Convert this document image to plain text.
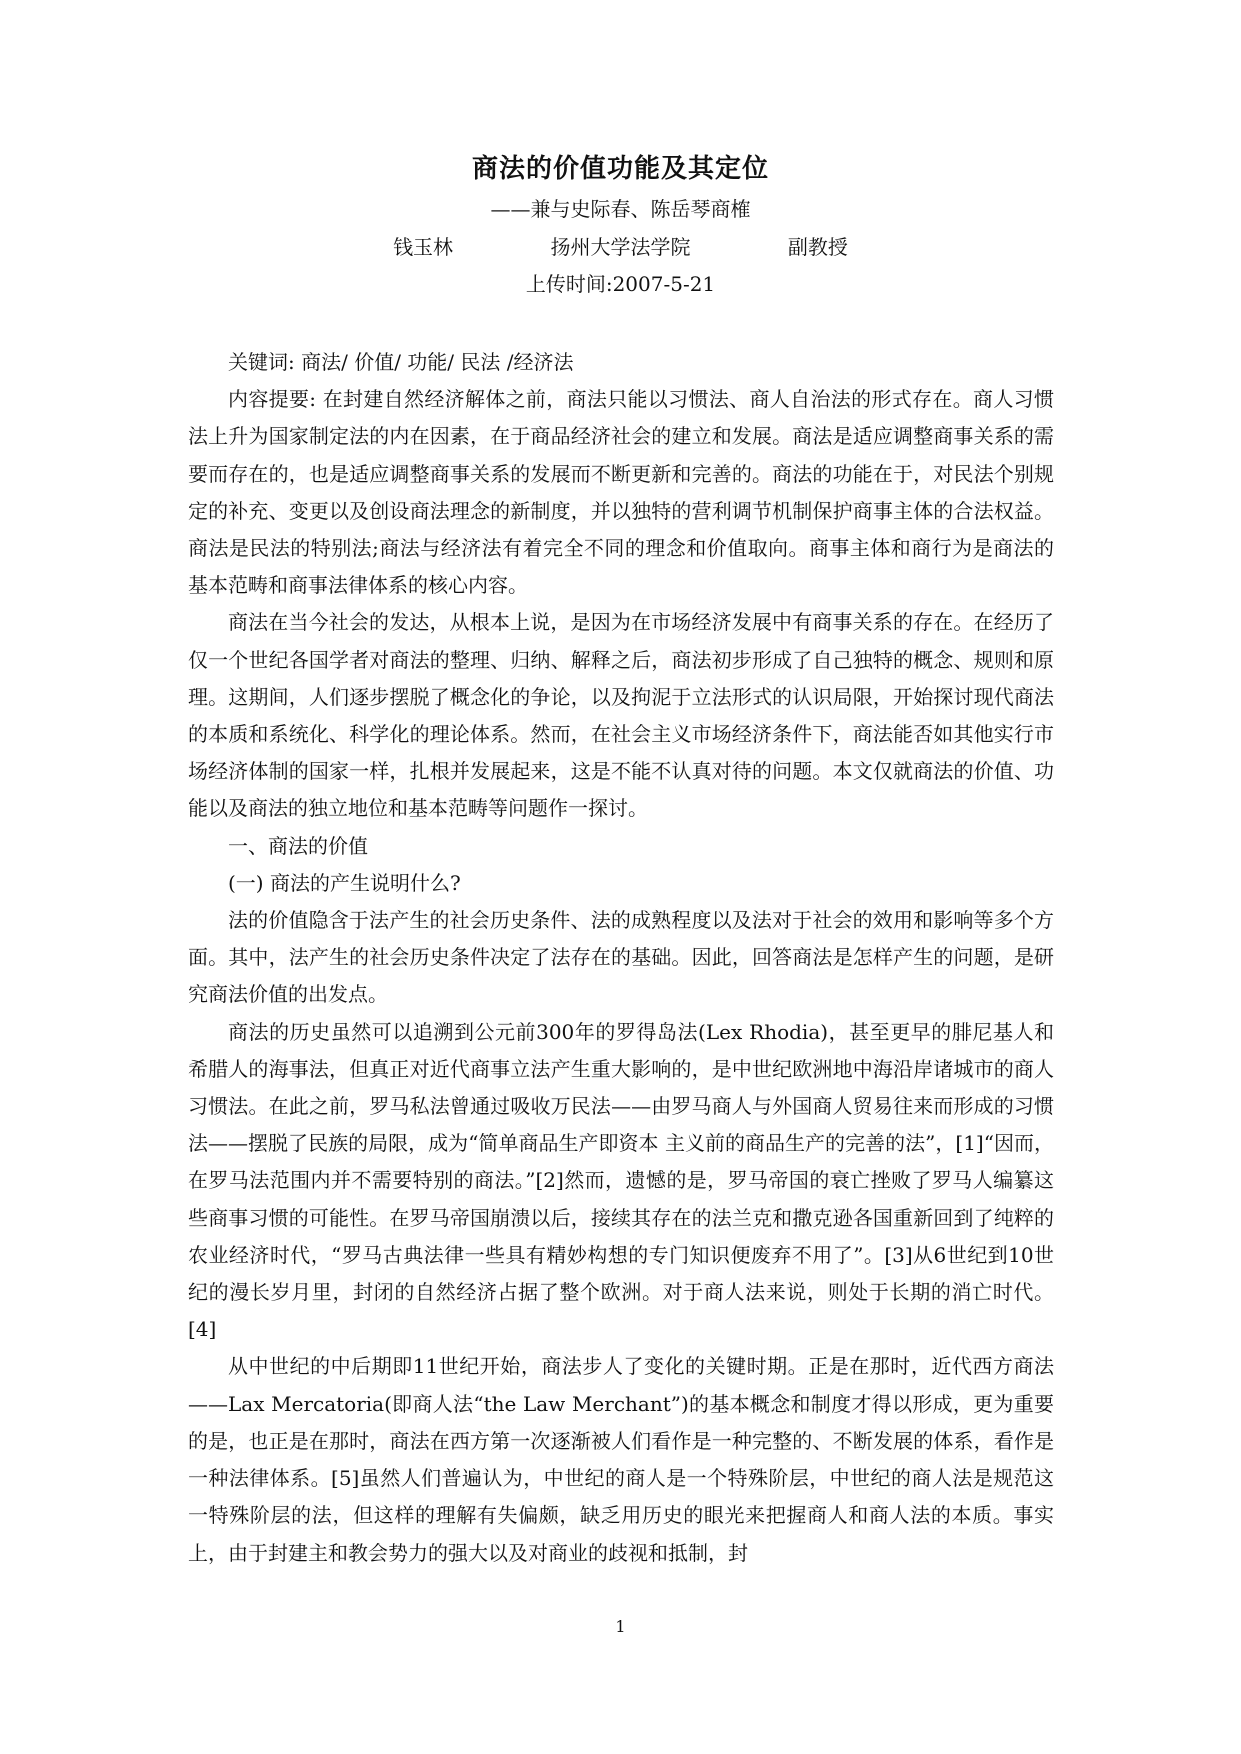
商法的价值功能及其定位
——兼与史际春、陈岳琴商榷
钱玉林    扬州大学法学院    副教授
上传时间:2007-5-21

关键词: 商法/ 价值/ 功能/ 民法 /经济法

内容提要: 在封建自然经济解体之前，商法只能以习惯法、商人自治法的形式存在。商人习惯法上升为国家制定法的内在因素，在于商品经济社会的建立和发展。商法是适应调整商事关系的需要而存在的，也是适应调整商事关系的发展而不断更新和完善的。商法的功能在于，对民法个别规定的补充、变更以及创设商法理念的新制度，并以独特的营利调节机制保护商事主体的合法权益。商法是民法的特别法;商法与经济法有着完全不同的理念和价值取向。商事主体和商行为是商法的基本范畴和商事法律体系的核心内容。

商法在当今社会的发达，从根本上说，是因为在市场经济发展中有商事关系的存在。在经历了仅一个世纪各国学者对商法的整理、归纳、解释之后，商法初步形成了自己独特的概念、规则和原理。这期间，人们逐步摆脱了概念化的争论，以及拘泥于立法形式的认识局限，开始探讨现代商法的本质和系统化、科学化的理论体系。然而，在社会主义市场经济条件下，商法能否如其他实行市场经济体制的国家一样，扎根并发展起来，这是不能不认真对待的问题。本文仅就商法的价值、功能以及商法的独立地位和基本范畴等问题作一探讨。

一、商法的价值

(一) 商法的产生说明什么?

法的价值隐含于法产生的社会历史条件、法的成熟程度以及法对于社会的效用和影响等多个方面。其中，法产生的社会历史条件决定了法存在的基础。因此，回答商法是怎样产生的问题，是研究商法价值的出发点。

商法的历史虽然可以追溯到公元前300年的罗得岛法(Lex Rhodia)，甚至更早的腓尼基人和希腊人的海事法，但真正对近代商事立法产生重大影响的，是中世纪欧洲地中海沿岸诸城市的商人习惯法。在此之前，罗马私法曾通过吸收万民法——由罗马商人与外国商人贸易往来而形成的习惯法——摆脱了民族的局限，成为“简单商品生产即资本 主义前的商品生产的完善的法”，[1]“因而，在罗马法范围内并不需要特别的商法。”[2]然而，遗憾的是，罗马帝国的衰亡挫败了罗马人编纂这些商事习惯的可能性。在罗马帝国崩溃以后，接续其存在的法兰克和撒克逊各国重新回到了纯粹的农业经济时代，“罗马古典法律一些具有精妙构想的专门知识便废弃不用了”。[3]从6世纪到10世纪的漫长岁月里，封闭的自然经济占据了整个欧洲。对于商人法来说，则处于长期的消亡时代。[4]

从中世纪的中后期即11世纪开始，商法步人了变化的关键时期。正是在那时，近代西方商法——Lax Mercatoria(即商人法“the Law Merchant”)的基本概念和制度才得以形成，更为重要的是，也正是在那时，商法在西方第一次逐渐被人们看作是一种完整的、不断发展的体系，看作是一种法律体系。[5]虽然人们普遍认为，中世纪的商人是一个特殊阶层，中世纪的商人法是规范这一特殊阶层的法，但这样的理解有失偏颇，缺乏用历史的眼光来把握商人和商人法的本质。事实上，由于封建主和教会势力的强大以及对商业的歧视和抵制，封

1
